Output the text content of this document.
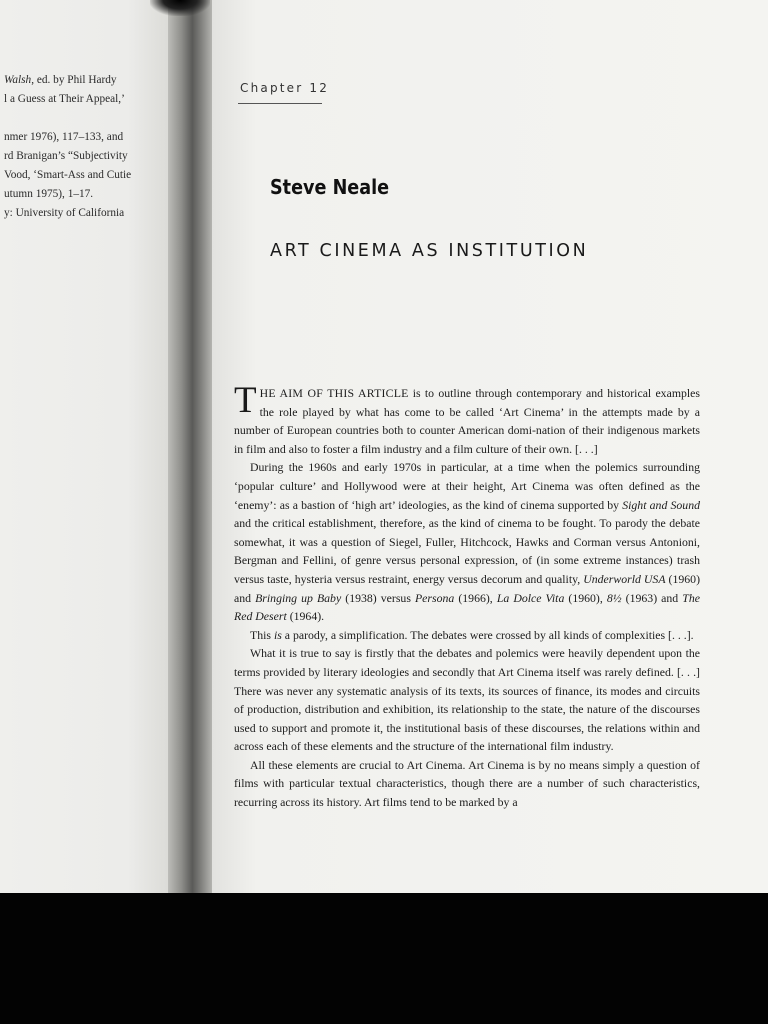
Walsh, ed. by Phil Hardy
l a Guess at Their Appeal,’

nmer 1976), 117–133, and
rd Branigan’s “Subjectivity
Vood, ‘Smart-Ass and Cutie
utumn 1975), 1–17.
y: University of California
Chapter 12
Steve Neale
ART CINEMA AS INSTITUTION

THE AIM OF THIS ARTICLE is to outline through contemporary and historical examples the role played by what has come to be called ‘Art Cinema’ in the attempts made by a number of European countries both to counter American domi-nation of their indigenous markets in film and also to foster a film industry and a film culture of their own. [. . .]

During the 1960s and early 1970s in particular, at a time when the polemics surrounding ‘popular culture’ and Hollywood were at their height, Art Cinema was often defined as the ‘enemy’: as a bastion of ‘high art’ ideologies, as the kind of cinema supported by Sight and Sound and the critical establishment, therefore, as the kind of cinema to be fought. To parody the debate somewhat, it was a question of Siegel, Fuller, Hitchcock, Hawks and Corman versus Antonioni, Bergman and Fellini, of genre versus personal expression, of (in some extreme instances) trash versus taste, hysteria versus restraint, energy versus decorum and quality, Underworld USA (1960) and Bringing up Baby (1938) versus Persona (1966), La Dolce Vita (1960), 8½ (1963) and The Red Desert (1964).

This is a parody, a simplification. The debates were crossed by all kinds of complexities [. . .].

What it is true to say is firstly that the debates and polemics were heavily dependent upon the terms provided by literary ideologies and secondly that Art Cinema itself was rarely defined. [. . .] There was never any systematic analysis of its texts, its sources of finance, its modes and circuits of production, distribution and exhibition, its relationship to the state, the nature of the discourses used to support and promote it, the institutional basis of these discourses, the relations within and across each of these elements and the structure of the international film industry.

All these elements are crucial to Art Cinema. Art Cinema is by no means simply a question of films with particular textual characteristics, though there are a number of such characteristics, recurring across its history. Art films tend to be marked by a
